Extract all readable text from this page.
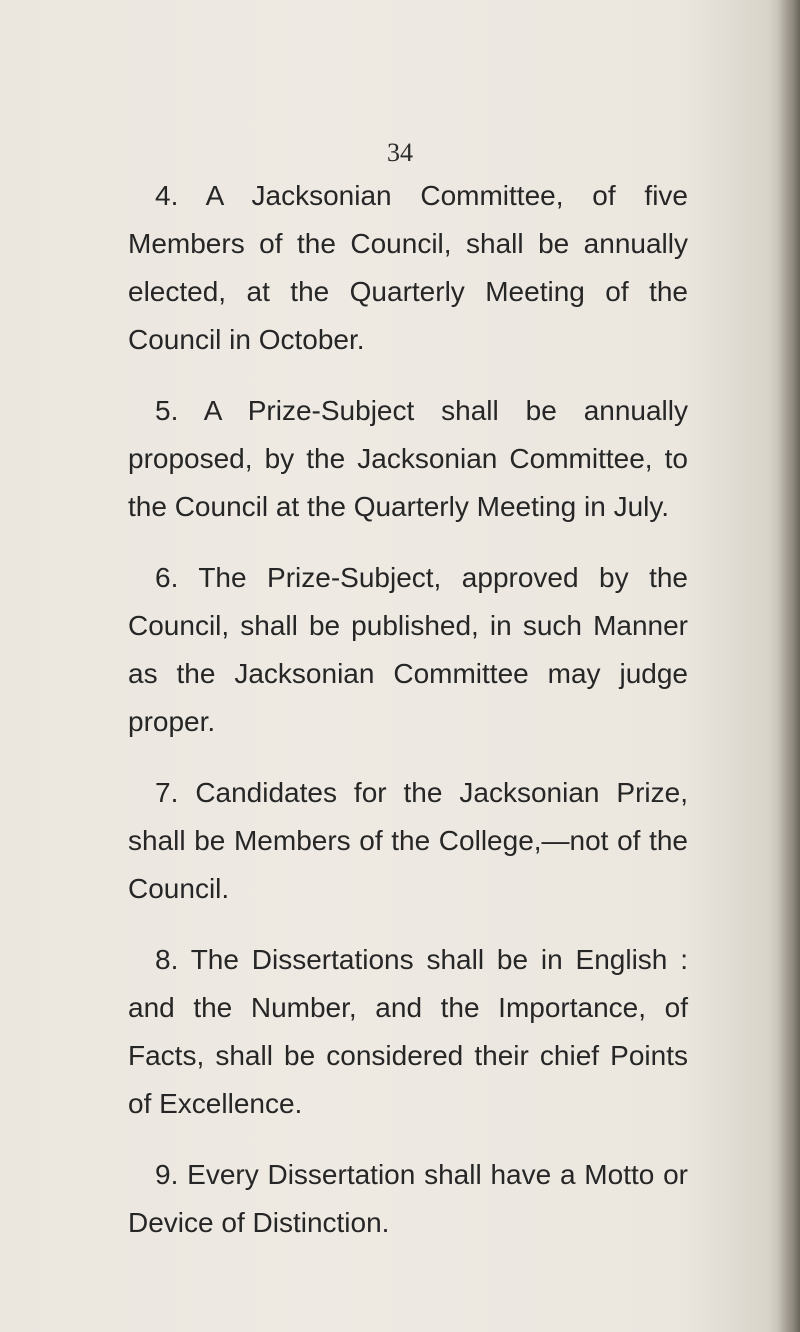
34

4. A Jacksonian Committee, of five Members of the Council, shall be annually elected, at the Quarterly Meeting of the Council in October.

5. A Prize-Subject shall be annually proposed, by the Jacksonian Committee, to the Council at the Quarterly Meeting in July.

6. The Prize-Subject, approved by the Council, shall be published, in such Manner as the Jacksonian Committee may judge proper.

7. Candidates for the Jacksonian Prize, shall be Members of the College,—not of the Council.

8. The Dissertations shall be in English : and the Number, and the Importance, of Facts, shall be considered their chief Points of Excellence.

9. Every Dissertation shall have a Motto or Device of Distinction.
